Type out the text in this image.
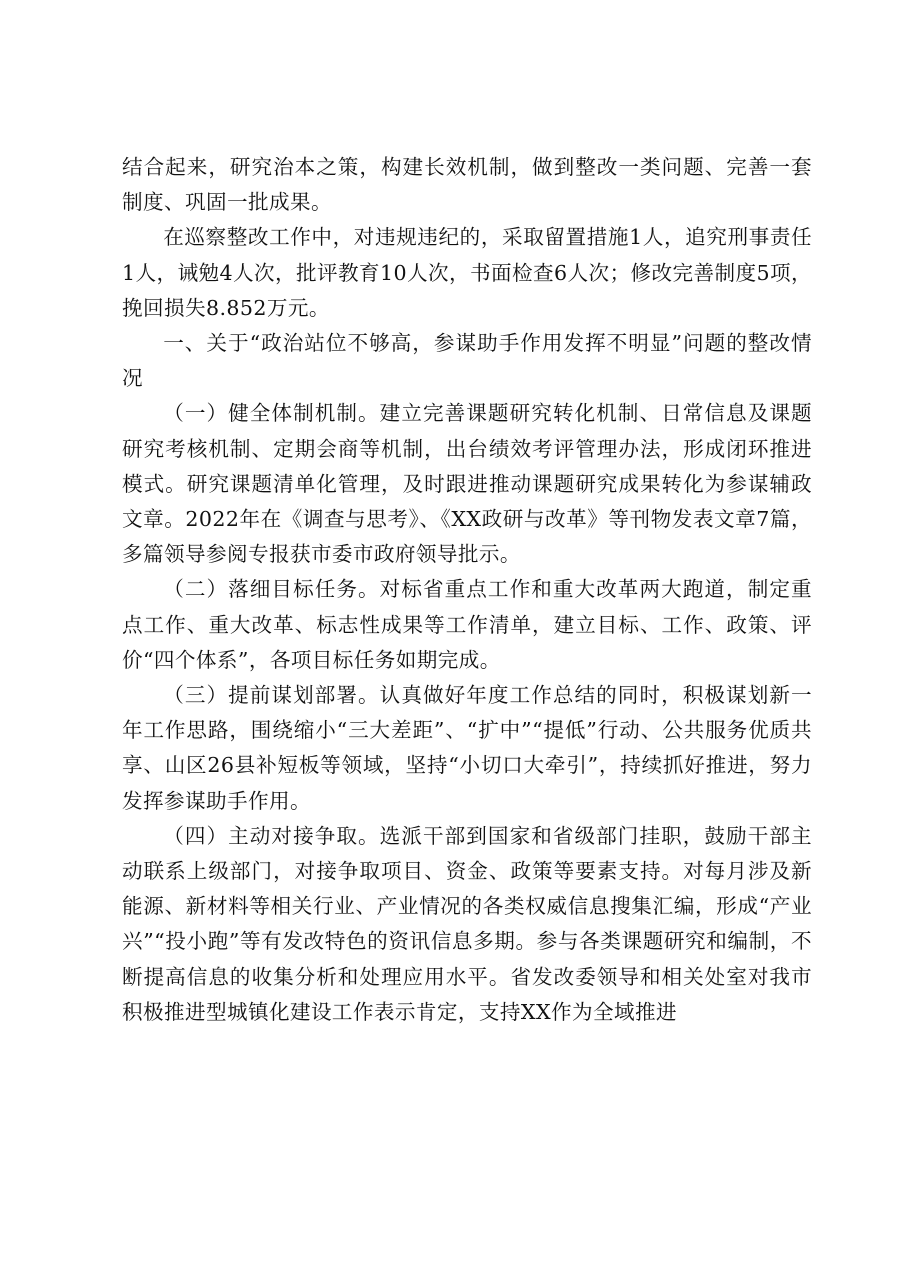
结合起来，研究治本之策，构建长效机制，做到整改一类问题、完善一套制度、巩固一批成果。

在巡察整改工作中，对违规违纪的，采取留置措施1人，追究刑事责任1人，诫勉4人次，批评教育10人次，书面检查6人次；修改完善制度5项，挽回损失8.852万元。

一、关于“政治站位不够高，参谋助手作用发挥不明显”问题的整改情况

（一）健全体制机制。建立完善课题研究转化机制、日常信息及课题研究考核机制、定期会商等机制，出台绩效考评管理办法，形成闭环推进模式。研究课题清单化管理，及时跟进推动课题研究成果转化为参谋辅政文章。2022年在《调查与思考》、《XX政研与改革》等刊物发表文章7篇，多篇领导参阅专报获市委市政府领导批示。

（二）落细目标任务。对标省重点工作和重大改革两大跑道，制定重点工作、重大改革、标志性成果等工作清单，建立目标、工作、政策、评价“四个体系”，各项目标任务如期完成。

（三）提前谋划部署。认真做好年度工作总结的同时，积极谋划新一年工作思路，围绕缩小“三大差距”、“扩中”“提低”行动、公共服务优质共享、山区26县补短板等领域，坚持“小切口大牵引”，持续抓好推进，努力发挥参谋助手作用。

（四）主动对接争取。选派干部到国家和省级部门挂职，鼓励干部主动联系上级部门，对接争取项目、资金、政策等要素支持。对每月涉及新能源、新材料等相关行业、产业情况的各类权威信息搜集汇编，形成“产业兴”“投小跑”等有发改特色的资讯信息多期。参与各类课题研究和编制，不断提高信息的收集分析和处理应用水平。省发改委领导和相关处室对我市积极推进型城镇化建设工作表示肯定，支持XX作为全域推进
